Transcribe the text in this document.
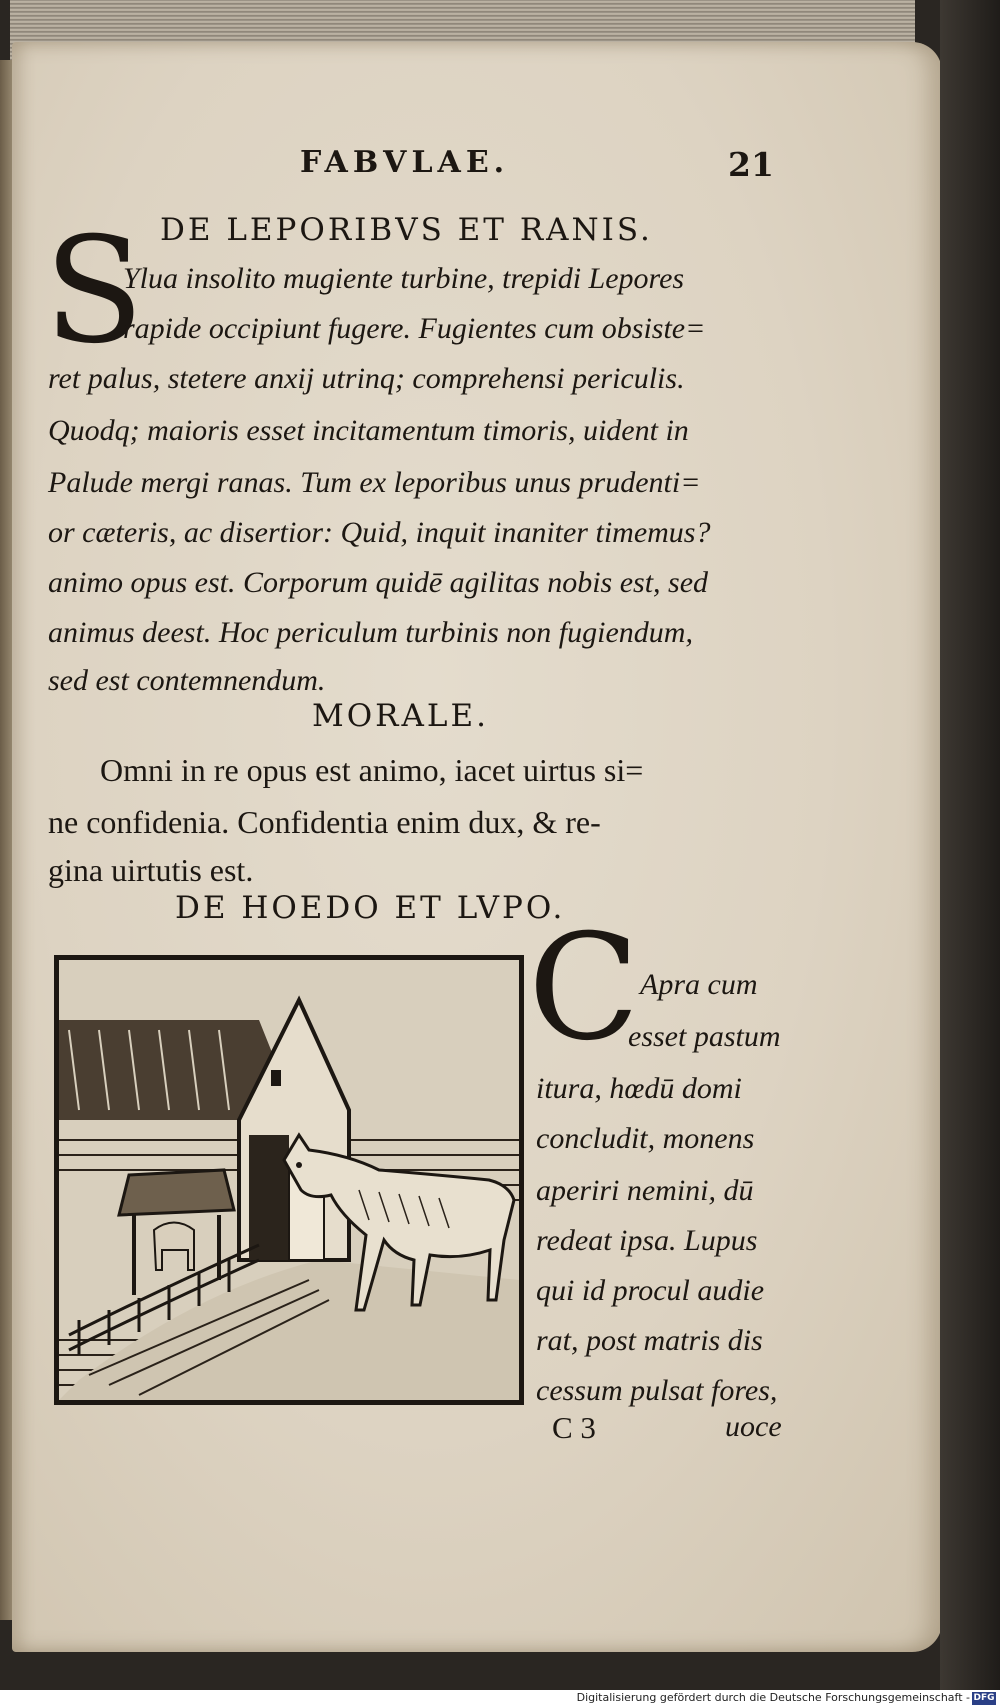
FABVLAE.	21
DE LEPORIBVS ET RANIS.
S
Ylua insolito mugiente turbine, trepidi Lepores
rapide occipiunt fugere. Fugientes cum obsiste=
ret palus, stetere anxij utrinq; comprehensi periculis.
Quodq; maioris esset incitamentum timoris, uident in
Palude mergi ranas. Tum ex leporibus unus prudenti=
or cæteris, ac disertior: Quid, inquit inaniter timemus?
animo opus est. Corporum quidē agilitas nobis est, sed
animus deest. Hoc periculum turbinis non fugiendum,
sed est contemnendum.
MORALE.
Omni in re opus est animo, iacet uirtus si=
ne confidenia. Confidentia enim dux, & re-
gina uirtutis est.
DE HOEDO ET LVPO.
C Apra cum
esset pastum
itura, hœdū domi
concludit, monens
aperiri nemini, dū
redeat ipsa. Lupus
qui id procul audie
rat, post matris dis
cessum pulsat fores,
C 3	uoce
Digitalisierung gefördert durch die Deutsche Forschungsgemeinschaft - DFG
